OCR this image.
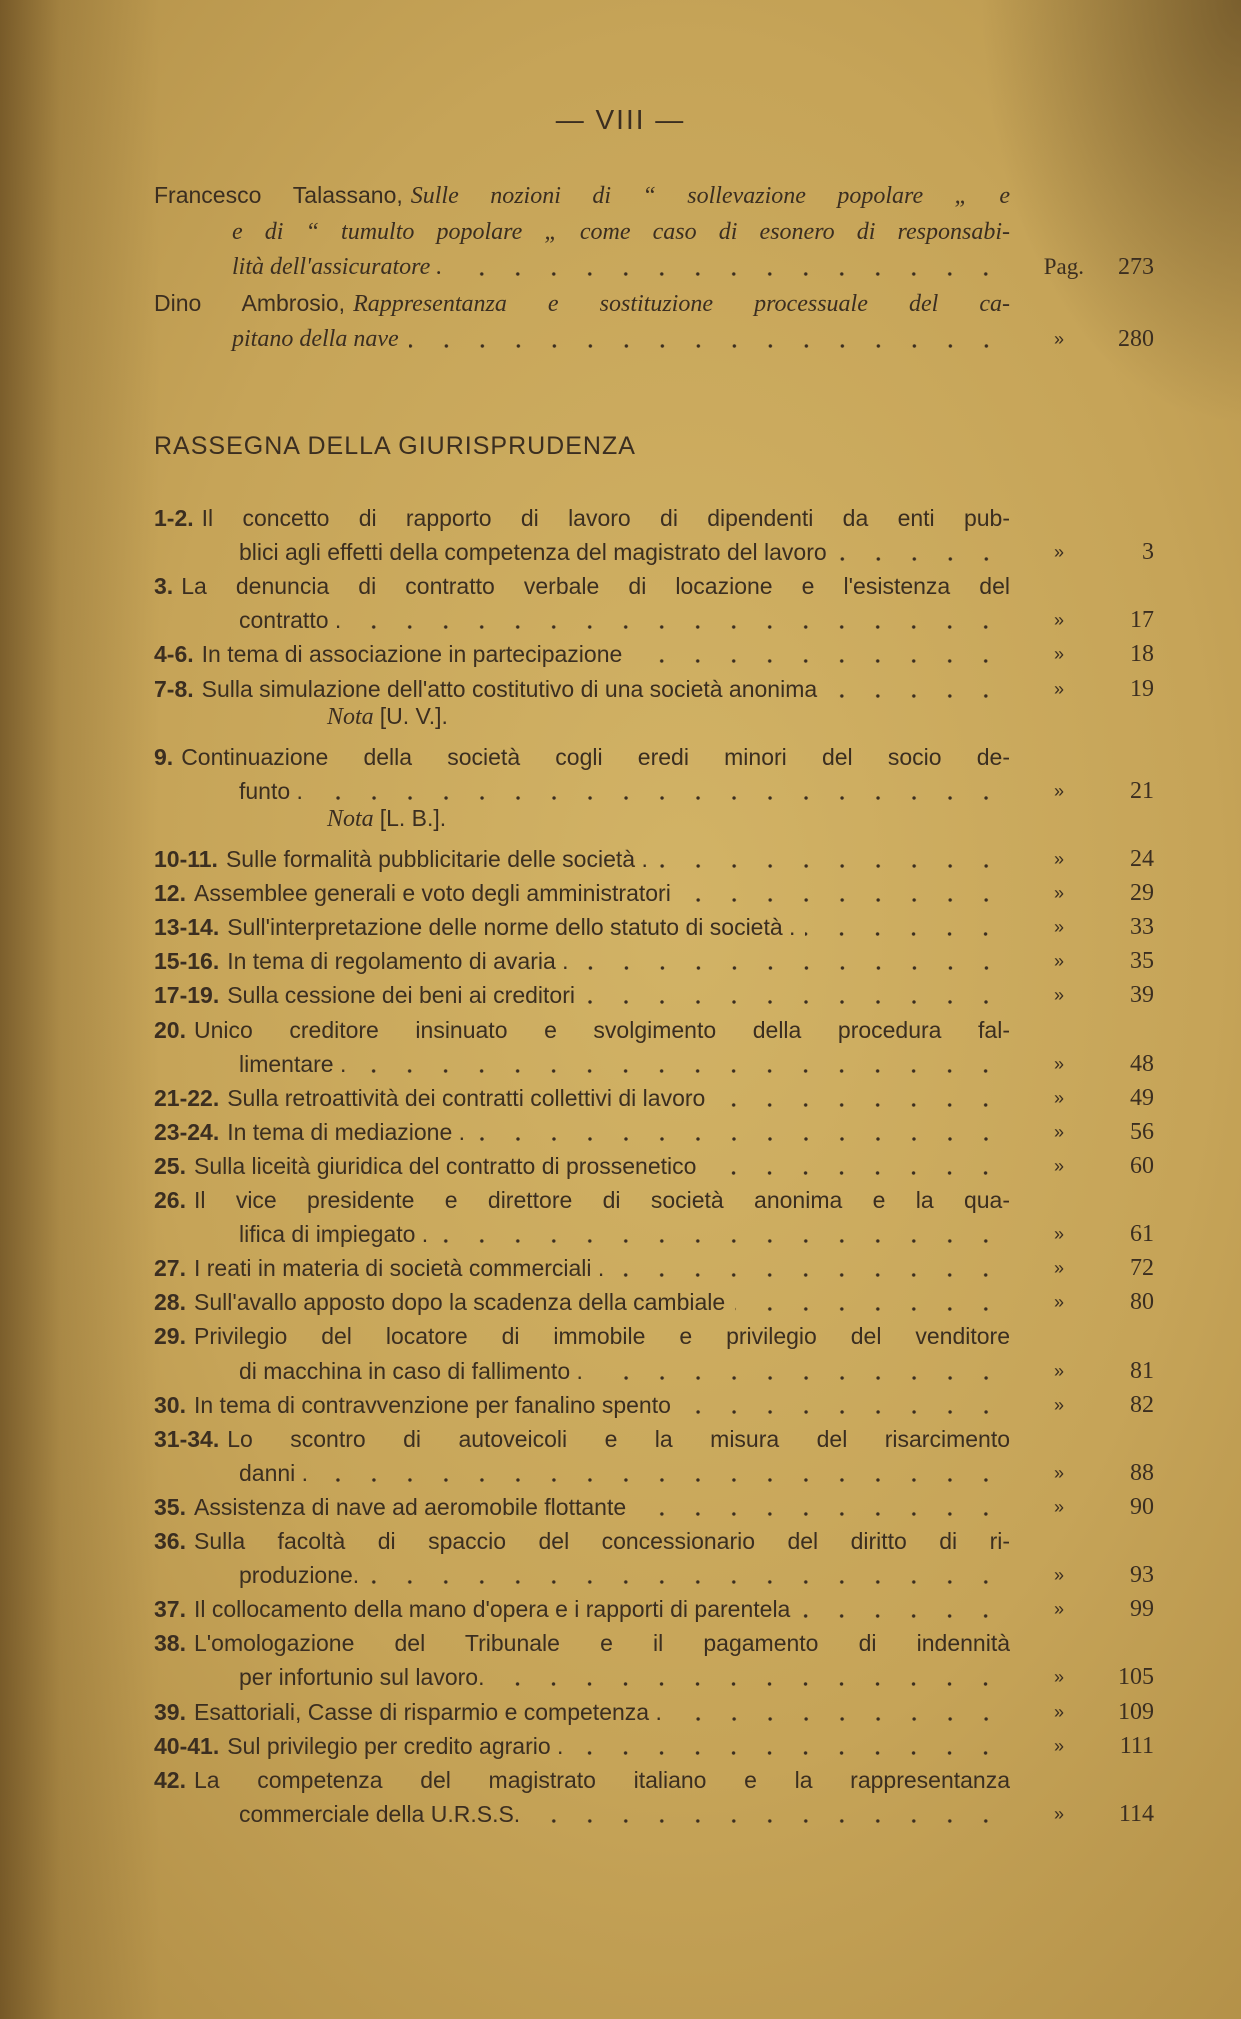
— VIII —
Francesco Talassano, Sulle nozioni di “ sollevazione popolare „ e
e di “ tumulto popolare „ come caso di esonero di responsabi-
lità dell'assicuratore .	Pag.	273
Dino Ambrosio, Rappresentanza e sostituzione processuale del ca-
pitano della nave	»	280
RASSEGNA DELLA GIURISPRUDENZA
1-2. Il concetto di rapporto di lavoro di dipendenti da enti pub-
blici agli effetti della competenza del magistrato del lavoro	»	3
3. La denuncia di contratto verbale di locazione e l'esistenza del
contratto .	»	17
4-6. In tema di associazione in partecipazione	»	18
7-8. Sulla simulazione dell'atto costitutivo di una società anonima	»	19
Nota [U. V.].
9. Continuazione della società cogli eredi minori del socio de-
funto .	»	21
Nota [L. B.].
10-11. Sulle formalità pubblicitarie delle società .	»	24
12. Assemblee generali e voto degli amministratori	»	29
13-14. Sull'interpretazione delle norme dello statuto di società .	»	33
15-16. In tema di regolamento di avaria .	»	35
17-19. Sulla cessione dei beni ai creditori	»	39
20. Unico creditore insinuato e svolgimento della procedura fal-
limentare .	»	48
21-22. Sulla retroattività dei contratti collettivi di lavoro	»	49
23-24. In tema di mediazione .	»	56
25. Sulla liceità giuridica del contratto di prossenetico	»	60
26. Il vice presidente e direttore di società anonima e la qua-
lifica di impiegato .	»	61
27. I reati in materia di società commerciali .	»	72
28. Sull'avallo apposto dopo la scadenza della cambiale	»	80
29. Privilegio del locatore di immobile e privilegio del venditore
di macchina in caso di fallimento .	»	81
30. In tema di contravvenzione per fanalino spento	»	82
31-34. Lo scontro di autoveicoli e la misura del risarcimento
danni .	»	88
35. Assistenza di nave ad aeromobile flottante	»	90
36. Sulla facoltà di spaccio del concessionario del diritto di ri-
produzione.	»	93
37. Il collocamento della mano d'opera e i rapporti di parentela	»	99
38. L'omologazione del Tribunale e il pagamento di indennità
per infortunio sul lavoro.	»	105
39. Esattoriali, Casse di risparmio e competenza .	»	109
40-41. Sul privilegio per credito agrario .	»	111
42. La competenza del magistrato italiano e la rappresentanza
commerciale della U.R.S.S.	»	114
